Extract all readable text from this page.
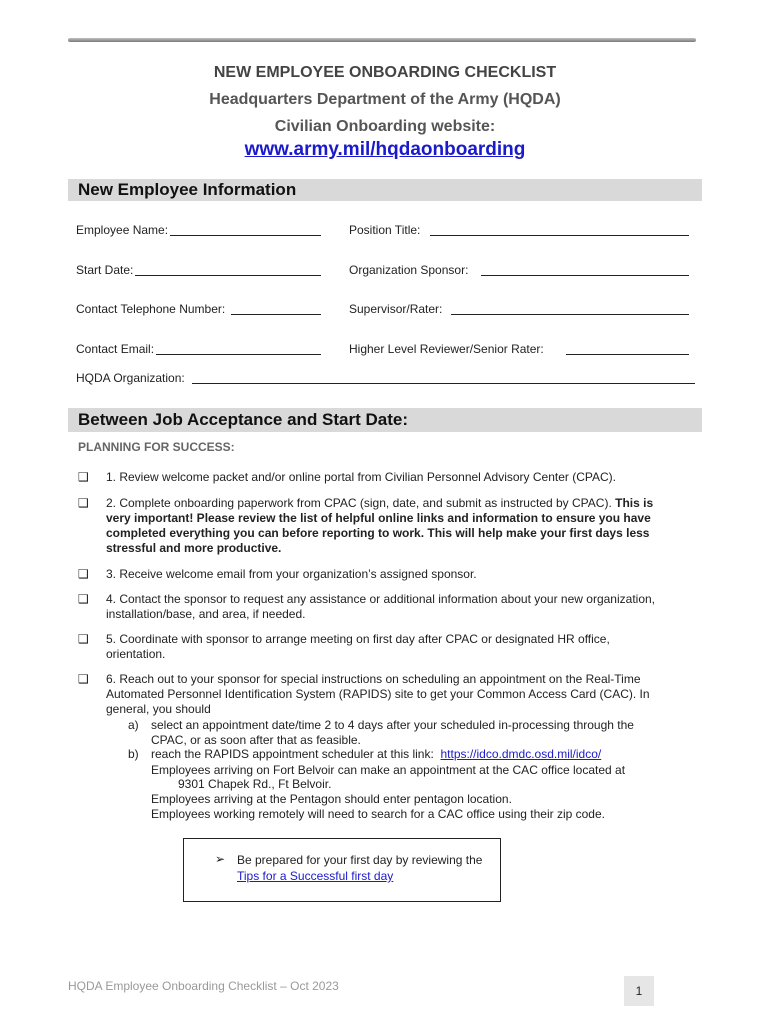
NEW EMPLOYEE ONBOARDING CHECKLIST
Headquarters Department of the Army (HQDA)
Civilian Onboarding website:
www.army.mil/hqdaonboarding
New Employee Information
Employee Name:	Position Title:
Start Date:	Organization Sponsor:
Contact Telephone Number:	Supervisor/Rater:
Contact Email:	Higher Level Reviewer/Senior Rater:
HQDA Organization:
Between Job Acceptance and Start Date:
PLANNING FOR SUCCESS:
❑ 1. Review welcome packet and/or online portal from Civilian Personnel Advisory Center (CPAC).
❑ 2. Complete onboarding paperwork from CPAC (sign, date, and submit as instructed by CPAC). This is very important! Please review the list of helpful online links and information to ensure you have completed everything you can before reporting to work. This will help make your first days less stressful and more productive.
❑ 3. Receive welcome email from your organization’s assigned sponsor.
❑ 4. Contact the sponsor to request any assistance or additional information about your new organization, installation/base, and area, if needed.
❑ 5. Coordinate with sponsor to arrange meeting on first day after CPAC or designated HR office, orientation.
❑ 6. Reach out to your sponsor for special instructions on scheduling an appointment on the Real-Time Automated Personnel Identification System (RAPIDS) site to get your Common Access Card (CAC). In general, you should
a) select an appointment date/time 2 to 4 days after your scheduled in-processing through the CPAC, or as soon after that as feasible.
b) reach the RAPIDS appointment scheduler at this link: https://idco.dmdc.osd.mil/idco/
Employees arriving on Fort Belvoir can make an appointment at the CAC office located at
9301 Chapek Rd., Ft Belvoir.
Employees arriving at the Pentagon should enter pentagon location.
Employees working remotely will need to search for a CAC office using their zip code.
➢ Be prepared for your first day by reviewing the Tips for a Successful first day
HQDA Employee Onboarding Checklist – Oct 2023	1
